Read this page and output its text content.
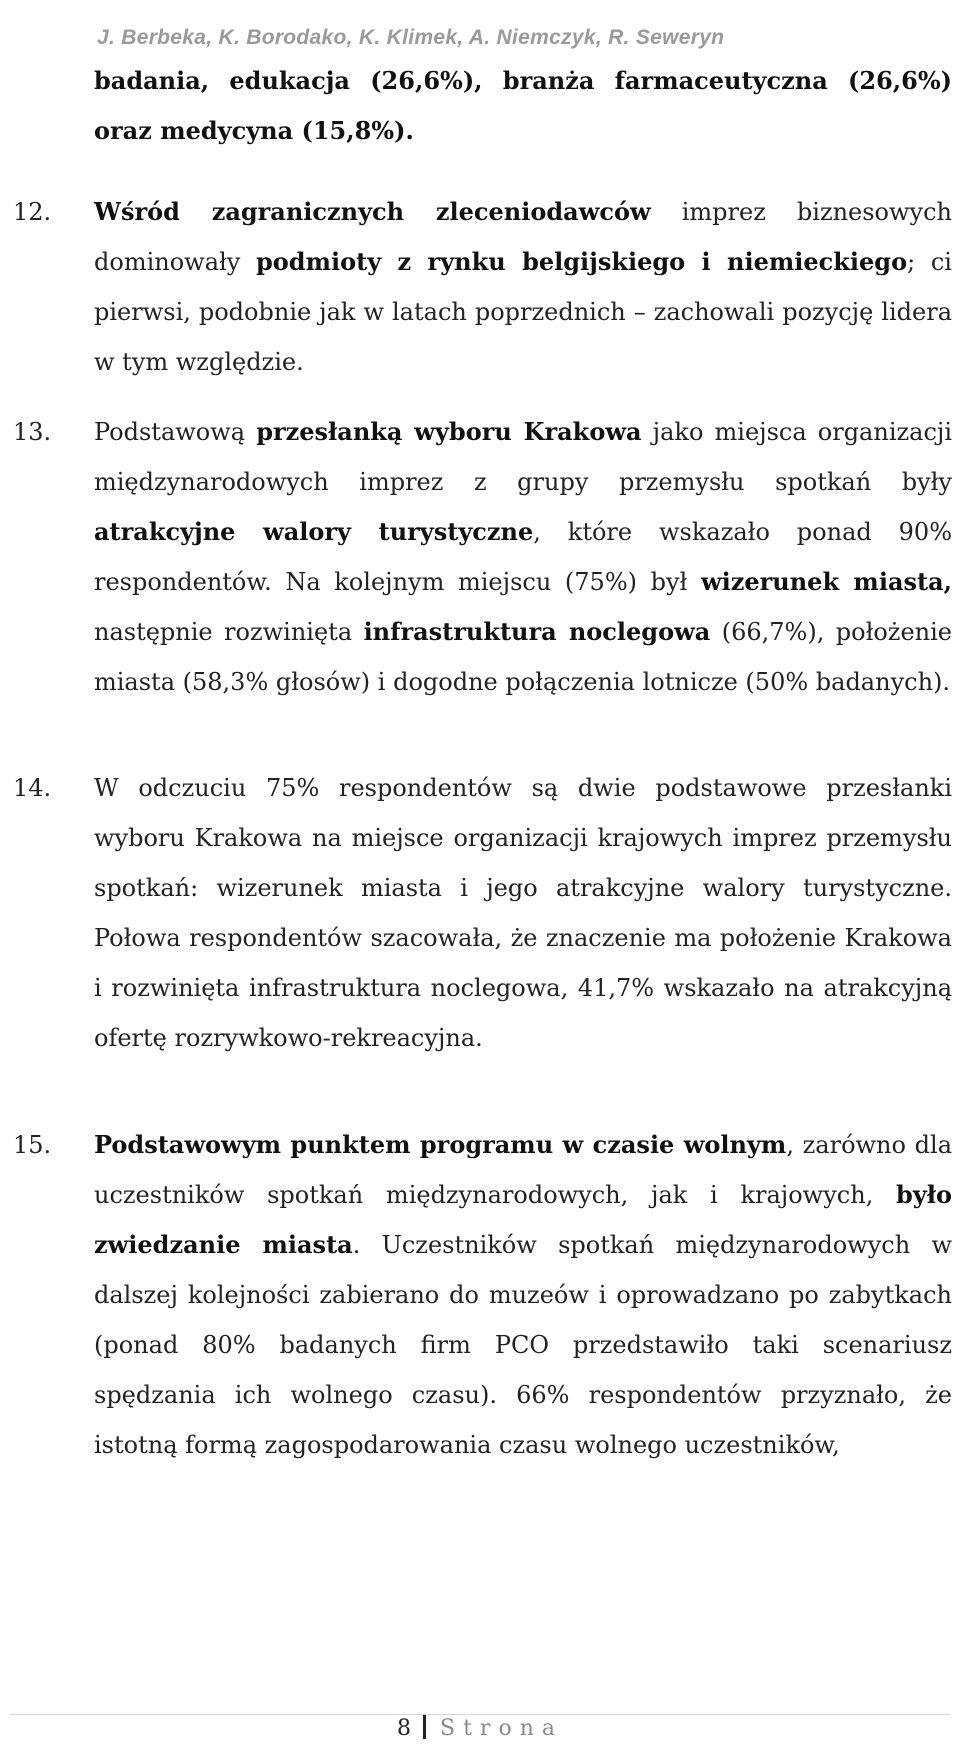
J. Berbeka, K. Borodako, K. Klimek, A. Niemczyk, R. Seweryn
badania, edukacja (26,6%), branża farmaceutyczna (26,6%) oraz medycyna (15,8%).
12.	Wśród zagranicznych zleceniodawców imprez biznesowych dominowały podmioty z rynku belgijskiego i niemieckiego; ci pierwsi, podobnie jak w latach poprzednich – zachowali pozycję lidera w tym względzie.
13.	Podstawową przesłanką wyboru Krakowa jako miejsca organizacji międzynarodowych imprez z grupy przemysłu spotkań były atrakcyjne walory turystyczne, które wskazało ponad 90% respondentów. Na kolejnym miejscu (75%) był wizerunek miasta, następnie rozwinięta infrastruktura noclegowa (66,7%), położenie miasta (58,3% głosów) i dogodne połączenia lotnicze (50% badanych).
14.	W odczuciu 75% respondentów są dwie podstawowe przesłanki wyboru Krakowa na miejsce organizacji krajowych imprez przemysłu spotkań: wizerunek miasta i jego atrakcyjne walory turystyczne. Połowa respondentów szacowała, że znaczenie ma położenie Krakowa i rozwinięta infrastruktura noclegowa, 41,7% wskazało na atrakcyjną ofertę rozrywkowo-rekreacyjna.
15.	Podstawowym punktem programu w czasie wolnym, zarówno dla uczestników spotkań międzynarodowych, jak i krajowych, było zwiedzanie miasta. Uczestników spotkań międzynarodowych w dalszej kolejności zabierano do muzeów i oprowadzano po zabytkach (ponad 80% badanych firm PCO przedstawiło taki scenariusz spędzania ich wolnego czasu). 66% respondentów przyznało, że istotną formą zagospodarowania czasu wolnego uczestników,
8 Strona
